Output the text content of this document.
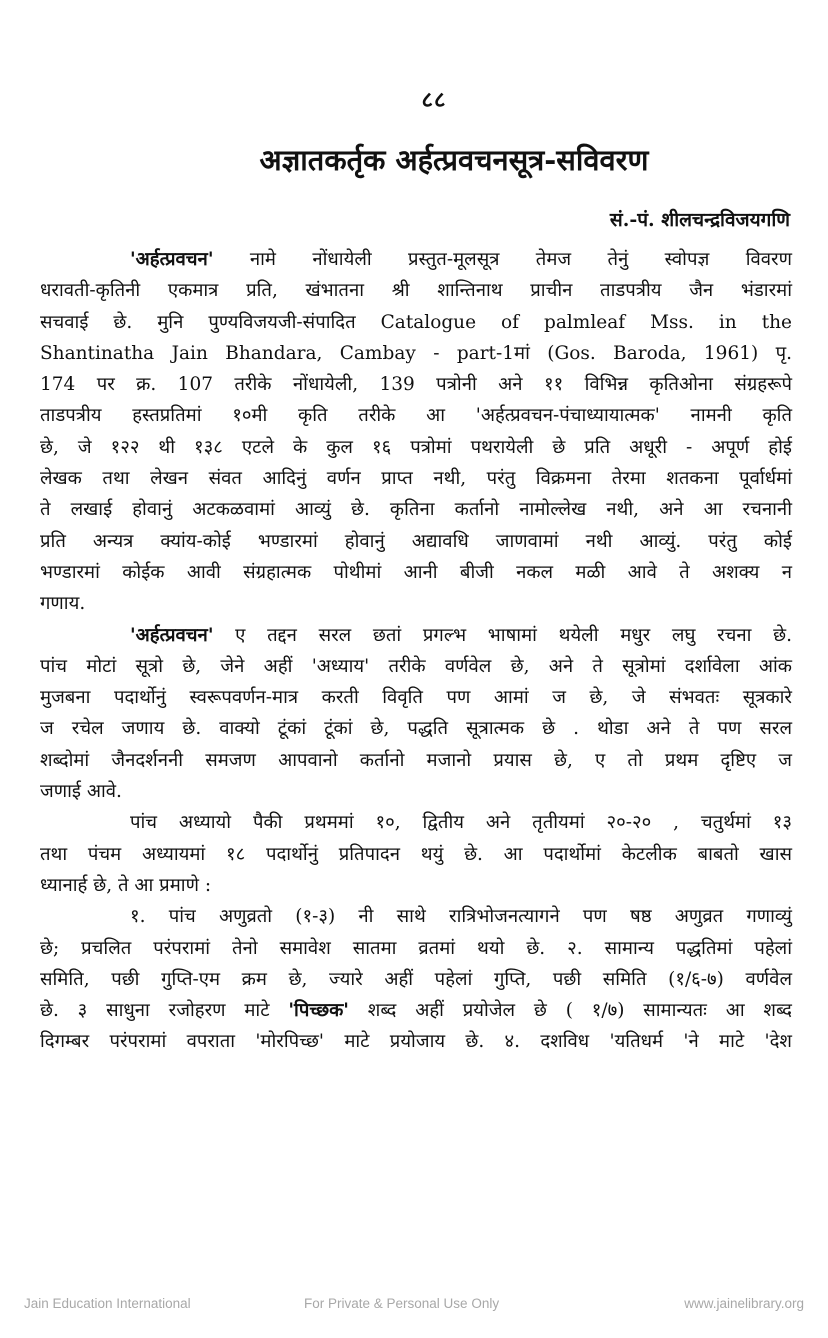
८८
अज्ञातकर्तृक अर्हत्प्रवचनसूत्र-सविवरण
सं.-पं. शीलचन्द्रविजयगणि
'अर्हत्प्रवचन' नामे नोंधायेली प्रस्तुत-मूलसूत्र तेमज तेनुं स्वोपज्ञ विवरण
धरावती-कृतिनी एकमात्र प्रति, खंभातना श्री शान्तिनाथ प्राचीन ताडपत्रीय जैन भंडारमां
सचवाई छे. मुनि पुण्यविजयजी-संपादित Catalogue of palmleaf Mss. in the
Shantinatha Jain Bhandara, Cambay - part-1मां (Gos. Baroda, 1961) पृ.
174 पर क्र. 107 तरीके नोंधायेली, 139 पत्रोनी अने ११ विभिन्न कृतिओना संग्रहरूपे
ताडपत्रीय हस्तप्रतिमां १०मी कृति तरीके आ 'अर्हत्प्रवचन-पंचाध्यायात्मक' नामनी कृति
छे, जे १२२ थी १३८ एटले के कुल १६ पत्रोमां पथरायेली छे प्रति अधूरी - अपूर्ण होई
लेखक तथा लेखन संवत आदिनुं वर्णन प्राप्त नथी, परंतु विक्रमना तेरमा शतकना पूर्वार्धमां
ते लखाई होवानुं अटकळवामां आव्युं छे. कृतिना कर्तानो नामोल्लेख नथी, अने आ रचनानी
प्रति अन्यत्र क्यांय-कोई भण्डारमां होवानुं अद्यावधि जाणवामां नथी आव्युं. परंतु कोई
भण्डारमां कोईक आवी संग्रहात्मक पोथीमां आनी बीजी नकल मळी आवे ते अशक्य न
गणाय.
'अर्हत्प्रवचन' ए तद्दन सरल छतां प्रगल्भ भाषामां थयेली मधुर लघु रचना छे.
पांच मोटां सूत्रो छे, जेने अहीं 'अध्याय' तरीके वर्णवेल छे, अने ते सूत्रोमां दर्शावेला आंक
मुजबना पदार्थोनुं स्वरूपवर्णन-मात्र करती विवृति पण आमां ज छे, जे संभवतः सूत्रकारे
ज रचेल जणाय छे. वाक्यो टूंकां टूंकां छे, पद्धति सूत्रात्मक छे . थोडा अने ते पण सरल
शब्दोमां जैनदर्शनन‍ी समजण आपवानो कर्तानो मजानो प्रयास छे, ए तो प्रथम दृष्टिए ज
जणाई आवे.
पांच अध्यायो पैकी प्रथममां १०, द्वितीय अने तृतीयमां २०-२० , चतुर्थमां १३
तथा पंचम अध्यायमां १८ पदार्थोनुं प्रतिपादन थयुं छे. आ पदार्थोमां केटलीक बाबतो खास
ध्यानार्ह छे, ते आ प्रमाणे :
१. पांच अणुव्रतो (१-३) नी साथे रात्रिभोजनत्यागने पण षष्ठ अणुव्रत गणाव्युं
छे; प्रचलित परंपरामां तेनो समावेश सातमा व्रतमां थयो छे. २. सामान्य पद्धतिमां पहेलां
समिति, पछी गुप्ति-एम क्रम छे, ज्यारे अहीं पहेलां गुप्ति, पछी समिति (१/६-७) वर्णवेल
छे. ३ साधुना रजोहरण माटे 'पिच्छक' शब्द अहीं प्रयोजेल छे ( १/७) सामान्यतः आ शब्द
दिगम्बर परंपरामां वपराता 'मोरपिच्छ' माटे प्रयोजाय छे. ४. दशविध 'यतिधर्म 'ने माटे 'देश
Jain Education International	For Private & Personal Use Only	www.jainelibrary.org
